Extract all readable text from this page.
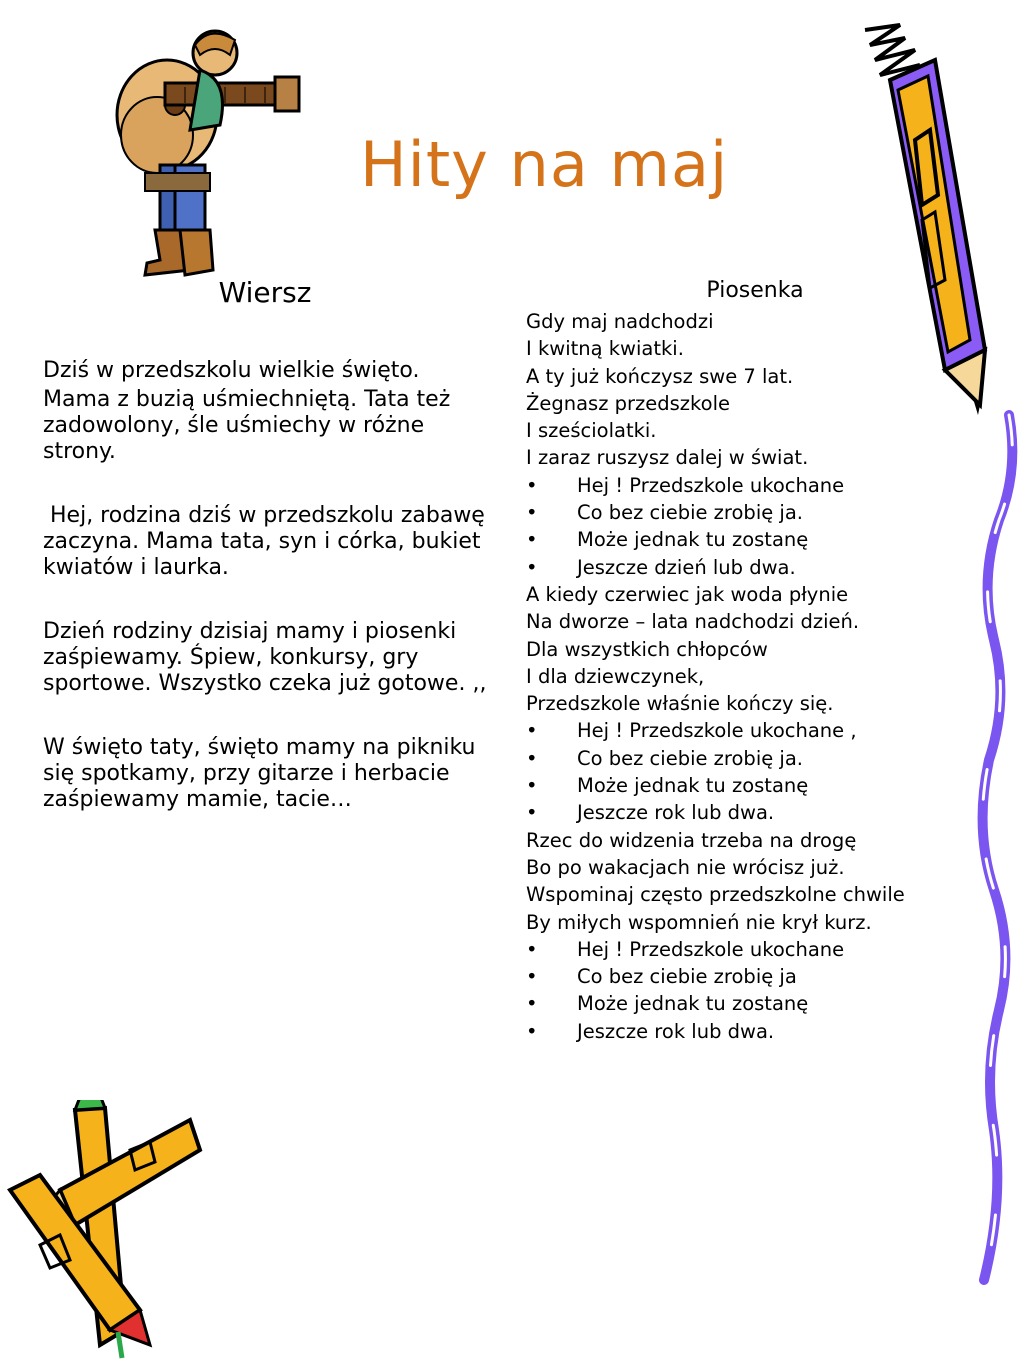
Hity na maj
Wiersz

Dziś w przedszkolu wielkie święto.

Mama z buzią uśmiechniętą. Tata też zadowolony, śle uśmiechy w różne strony.

Hej, rodzina dziś w przedszkolu zabawę zaczyna. Mama tata, syn i córka, bukiet kwiatów i laurka.

Dzień rodziny dzisiaj mamy i piosenki zaśpiewamy. Śpiew, konkursy, gry sportowe. Wszystko czeka już gotowe. ,,

W święto taty, święto mamy na pikniku się spotkamy, przy gitarze i herbacie zaśpiewamy mamie, tacie…

Piosenka
Gdy maj nadchodzi
I kwitną kwiatki.
A ty już kończysz swe 7 lat.
Żegnasz przedszkole
I sześciolatki.
I zaraz ruszysz dalej w świat.
•	Hej ! Przedszkole ukochane
•	Co bez ciebie zrobię ja.
•	Może jednak tu zostanę
•	Jeszcze dzień lub dwa.
A kiedy czerwiec jak woda płynie
Na dworze – lata nadchodzi dzień.
Dla wszystkich chłopców
I dla dziewczynek,
Przedszkole właśnie kończy się.
•	Hej ! Przedszkole ukochane ,
•	Co bez ciebie zrobię ja.
•	Może jednak tu zostanę
•	Jeszcze rok lub dwa.
Rzec do widzenia trzeba na drogę
Bo po wakacjach nie wrócisz już.
Wspominaj często przedszkolne chwile
By miłych wspomnień nie krył kurz.
•	Hej ! Przedszkole ukochane
•	Co bez ciebie zrobię ja
•	Może jednak tu zostanę
•	Jeszcze rok lub dwa.
